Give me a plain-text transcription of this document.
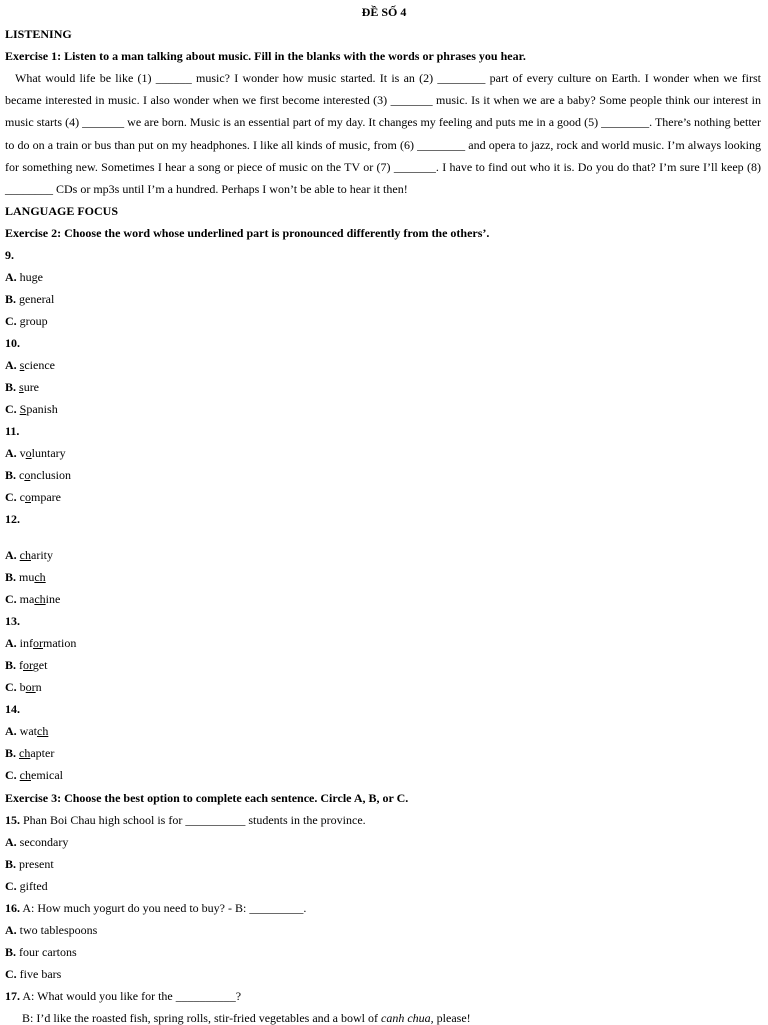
ĐỀ SỐ 4
LISTENING
Exercise 1: Listen to a man talking about music. Fill in the blanks with the words or phrases you hear.

What would life be like (1) ______ music? I wonder how music started. It is an (2) ________ part of every culture on Earth. I wonder when we first became interested in music. I also wonder when we first become interested (3) _______ music. Is it when we are a baby? Some people think our interest in music starts (4) _______ we are born. Music is an essential part of my day. It changes my feeling and puts me in a good (5) ________. There’s nothing better to do on a train or bus than put on my headphones. I like all kinds of music, from (6) ________ and opera to jazz, rock and world music. I’m always looking for something new. Sometimes I hear a song or piece of music on the TV or (7) _______. I have to find out who it is. Do you do that? I’m sure I’ll keep (8) ________ CDs or mp3s until I’m a hundred. Perhaps I won’t be able to hear it then!

LANGUAGE FOCUS
Exercise 2: Choose the word whose underlined part is pronounced differently from the others’.
9.
A. huge
B. general
C. group
10.
A. science
B. sure
C. Spanish
11.
A. voluntary
B. conclusion
C. compare
12.
A. charity
B. much
C. machine
13.
A. information
B. forget
C. born
14.
A. watch
B. chapter
C. chemical
Exercise 3: Choose the best option to complete each sentence. Circle A, B, or C.
15. Phan Boi Chau high school is for __________ students in the province.
A. secondary
B. present
C. gifted
16. A: How much yogurt do you need to buy? - B: _________.
A. two tablespoons
B. four cartons
C. five bars
17. A: What would you like for the __________?
B: I’d like the roasted fish, spring rolls, stir-fried vegetables and a bowl of canh chua, please!
